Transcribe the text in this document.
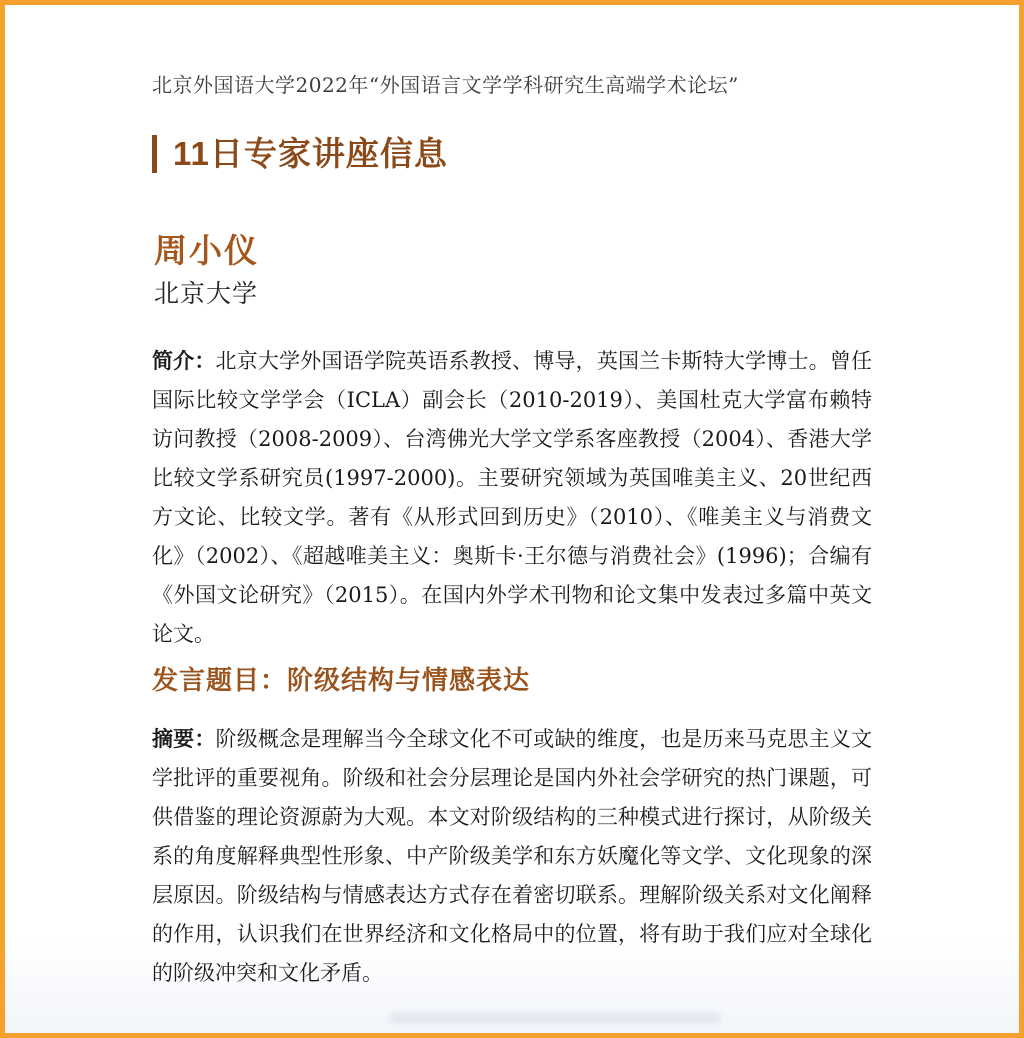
北京外国语大学2022年“外国语言文学学科研究生高端学术论坛”
11日专家讲座信息
周小仪
北京大学

简介：北京大学外国语学院英语系教授、博导，英国兰卡斯特大学博士。曾任国际比较文学学会（ICLA）副会长（2010-2019）、美国杜克大学富布赖特访问教授（2008-2009）、台湾佛光大学文学系客座教授（2004）、香港大学比较文学系研究员(1997-2000)。主要研究领域为英国唯美主义、20世纪西方文论、比较文学。著有《从形式回到历史》（2010）、《唯美主义与消费文化》（2002）、《超越唯美主义：奥斯卡·王尔德与消费社会》(1996)；合编有《外国文论研究》（2015）。在国内外学术刊物和论文集中发表过多篇中英文论文。

发言题目：阶级结构与情感表达

摘要：阶级概念是理解当今全球文化不可或缺的维度，也是历来马克思主义文学批评的重要视角。阶级和社会分层理论是国内外社会学研究的热门课题，可供借鉴的理论资源蔚为大观。本文对阶级结构的三种模式进行探讨，从阶级关系的角度解释典型性形象、中产阶级美学和东方妖魔化等文学、文化现象的深层原因。阶级结构与情感表达方式存在着密切联系。理解阶级关系对文化阐释的作用，认识我们在世界经济和文化格局中的位置，将有助于我们应对全球化的阶级冲突和文化矛盾。
